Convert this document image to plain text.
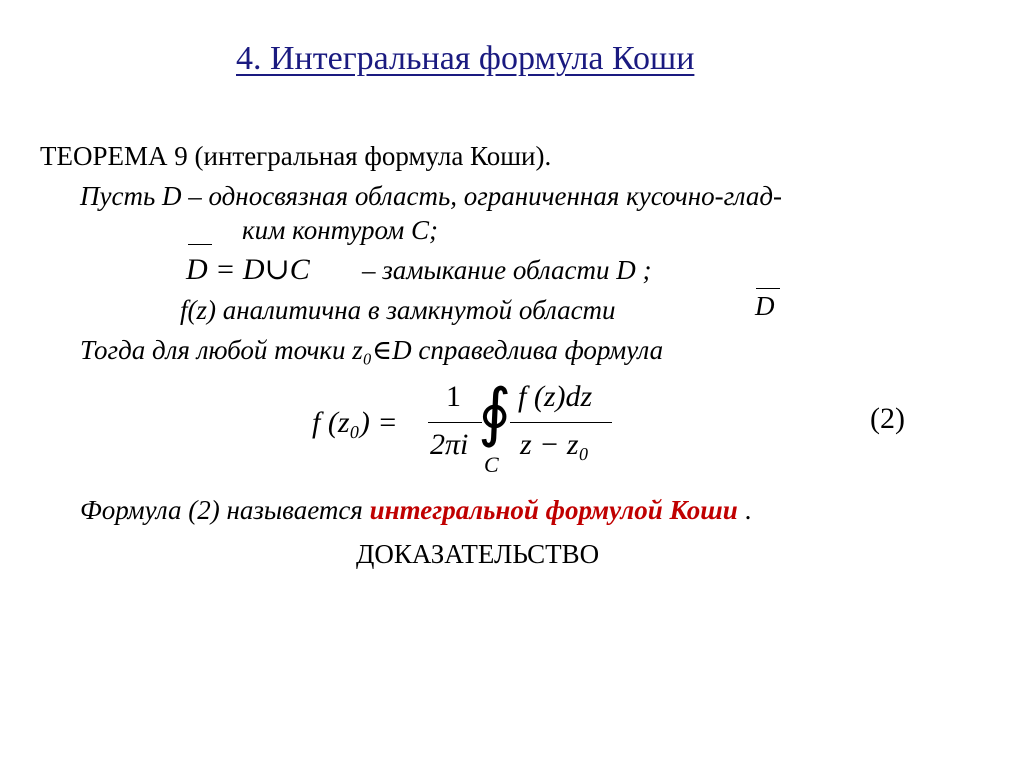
4. Интегральная формула Коши
ТЕОРЕМА 9 (интегральная формула Коши).
Пусть D – односвязная область, ограниченная кусочно-глад-
ким контуром C;
D = D∪C – замыкание области D ;
f(z) аналитична в замкнутой области	D
Тогда для любой точки z₀∈D справедлива формула
f (z₀) =
1
2πi ∮
C
f (z)dz
z − z₀
(2)
Формула (2) называется интегральной формулой Коши .
ДОКАЗАТЕЛЬСТВО
